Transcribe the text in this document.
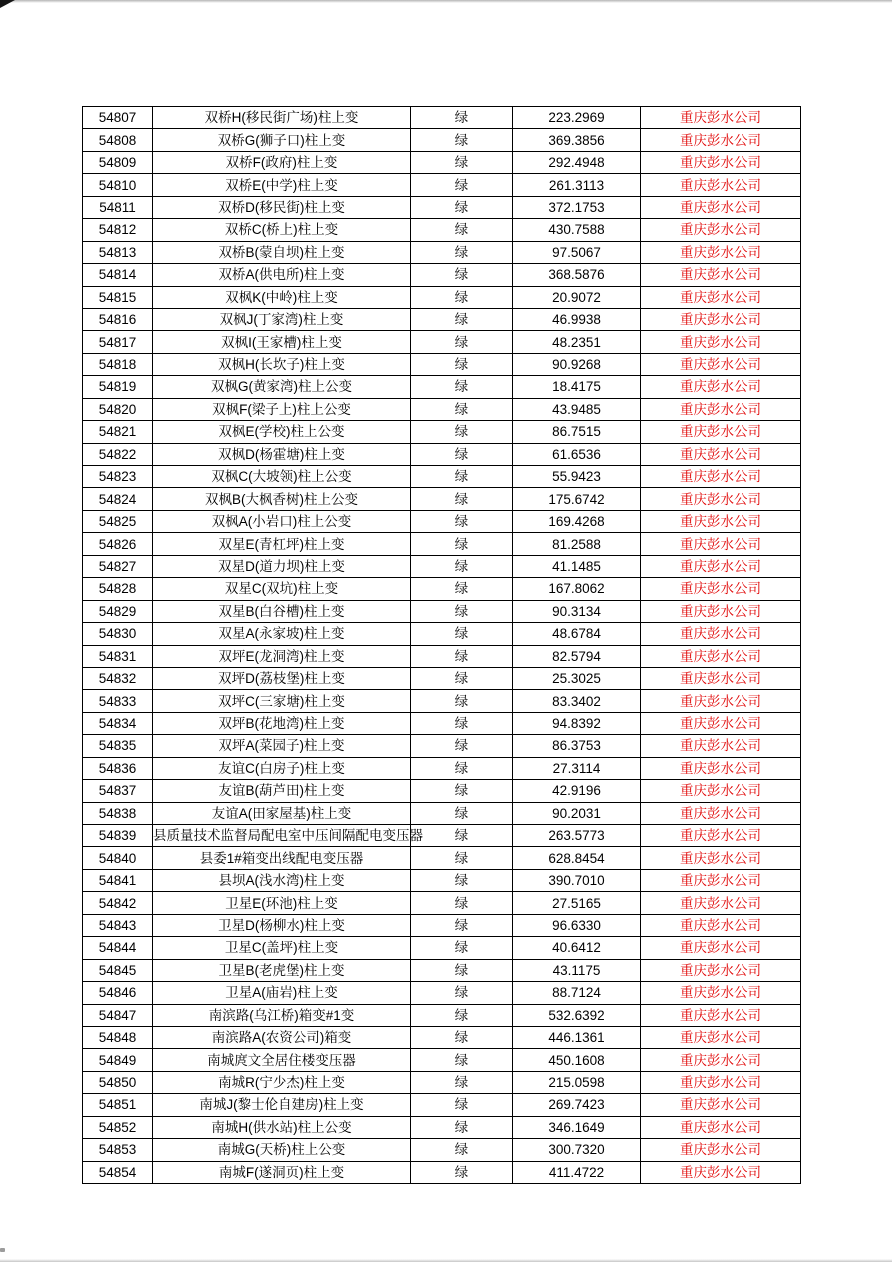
54807	双桥H(移民街广场)柱上变	绿	223.2969	重庆彭水公司
54808	双桥G(狮子口)柱上变	绿	369.3856	重庆彭水公司
54809	双桥F(政府)柱上变	绿	292.4948	重庆彭水公司
54810	双桥E(中学)柱上变	绿	261.3113	重庆彭水公司
54811	双桥D(移民街)柱上变	绿	372.1753	重庆彭水公司
54812	双桥C(桥上)柱上变	绿	430.7588	重庆彭水公司
54813	双桥B(蒙自坝)柱上变	绿	97.5067	重庆彭水公司
54814	双桥A(供电所)柱上变	绿	368.5876	重庆彭水公司
54815	双枫K(中岭)柱上变	绿	20.9072	重庆彭水公司
54816	双枫J(丁家湾)柱上变	绿	46.9938	重庆彭水公司
54817	双枫I(王家槽)柱上变	绿	48.2351	重庆彭水公司
54818	双枫H(长坎子)柱上变	绿	90.9268	重庆彭水公司
54819	双枫G(黄家湾)柱上公变	绿	18.4175	重庆彭水公司
54820	双枫F(梁子上)柱上公变	绿	43.9485	重庆彭水公司
54821	双枫E(学校)柱上公变	绿	86.7515	重庆彭水公司
54822	双枫D(杨霍塘)柱上变	绿	61.6536	重庆彭水公司
54823	双枫C(大坡领)柱上公变	绿	55.9423	重庆彭水公司
54824	双枫B(大枫香树)柱上公变	绿	175.6742	重庆彭水公司
54825	双枫A(小岩口)柱上公变	绿	169.4268	重庆彭水公司
54826	双星E(青杠坪)柱上变	绿	81.2588	重庆彭水公司
54827	双星D(道力坝)柱上变	绿	41.1485	重庆彭水公司
54828	双星C(双坑)柱上变	绿	167.8062	重庆彭水公司
54829	双星B(白谷槽)柱上变	绿	90.3134	重庆彭水公司
54830	双星A(永家坡)柱上变	绿	48.6784	重庆彭水公司
54831	双坪E(龙洞湾)柱上变	绿	82.5794	重庆彭水公司
54832	双坪D(荔枝堡)柱上变	绿	25.3025	重庆彭水公司
54833	双坪C(三家塘)柱上变	绿	83.3402	重庆彭水公司
54834	双坪B(花地湾)柱上变	绿	94.8392	重庆彭水公司
54835	双坪A(菜园子)柱上变	绿	86.3753	重庆彭水公司
54836	友谊C(白房子)柱上变	绿	27.3114	重庆彭水公司
54837	友谊B(葫芦田)柱上变	绿	42.9196	重庆彭水公司
54838	友谊A(田家屋基)柱上变	绿	90.2031	重庆彭水公司
54839	县质量技术监督局配电室中压间隔配电变压器	绿	263.5773	重庆彭水公司
54840	县委1#箱变出线配电变压器	绿	628.8454	重庆彭水公司
54841	县坝A(浅水湾)柱上变	绿	390.7010	重庆彭水公司
54842	卫星E(环池)柱上变	绿	27.5165	重庆彭水公司
54843	卫星D(杨柳水)柱上变	绿	96.6330	重庆彭水公司
54844	卫星C(盖坪)柱上变	绿	40.6412	重庆彭水公司
54845	卫星B(老虎堡)柱上变	绿	43.1175	重庆彭水公司
54846	卫星A(庙岩)柱上变	绿	88.7124	重庆彭水公司
54847	南滨路(乌江桥)箱变#1变	绿	532.6392	重庆彭水公司
54848	南滨路A(农资公司)箱变	绿	446.1361	重庆彭水公司
54849	南城庹文全居住楼变压器	绿	450.1608	重庆彭水公司
54850	南城R(宁少杰)柱上变	绿	215.0598	重庆彭水公司
54851	南城J(黎士伦自建房)柱上变	绿	269.7423	重庆彭水公司
54852	南城H(供水站)柱上公变	绿	346.1649	重庆彭水公司
54853	南城G(天桥)柱上公变	绿	300.7320	重庆彭水公司
54854	南城F(遂洞页)柱上变	绿	411.4722	重庆彭水公司
